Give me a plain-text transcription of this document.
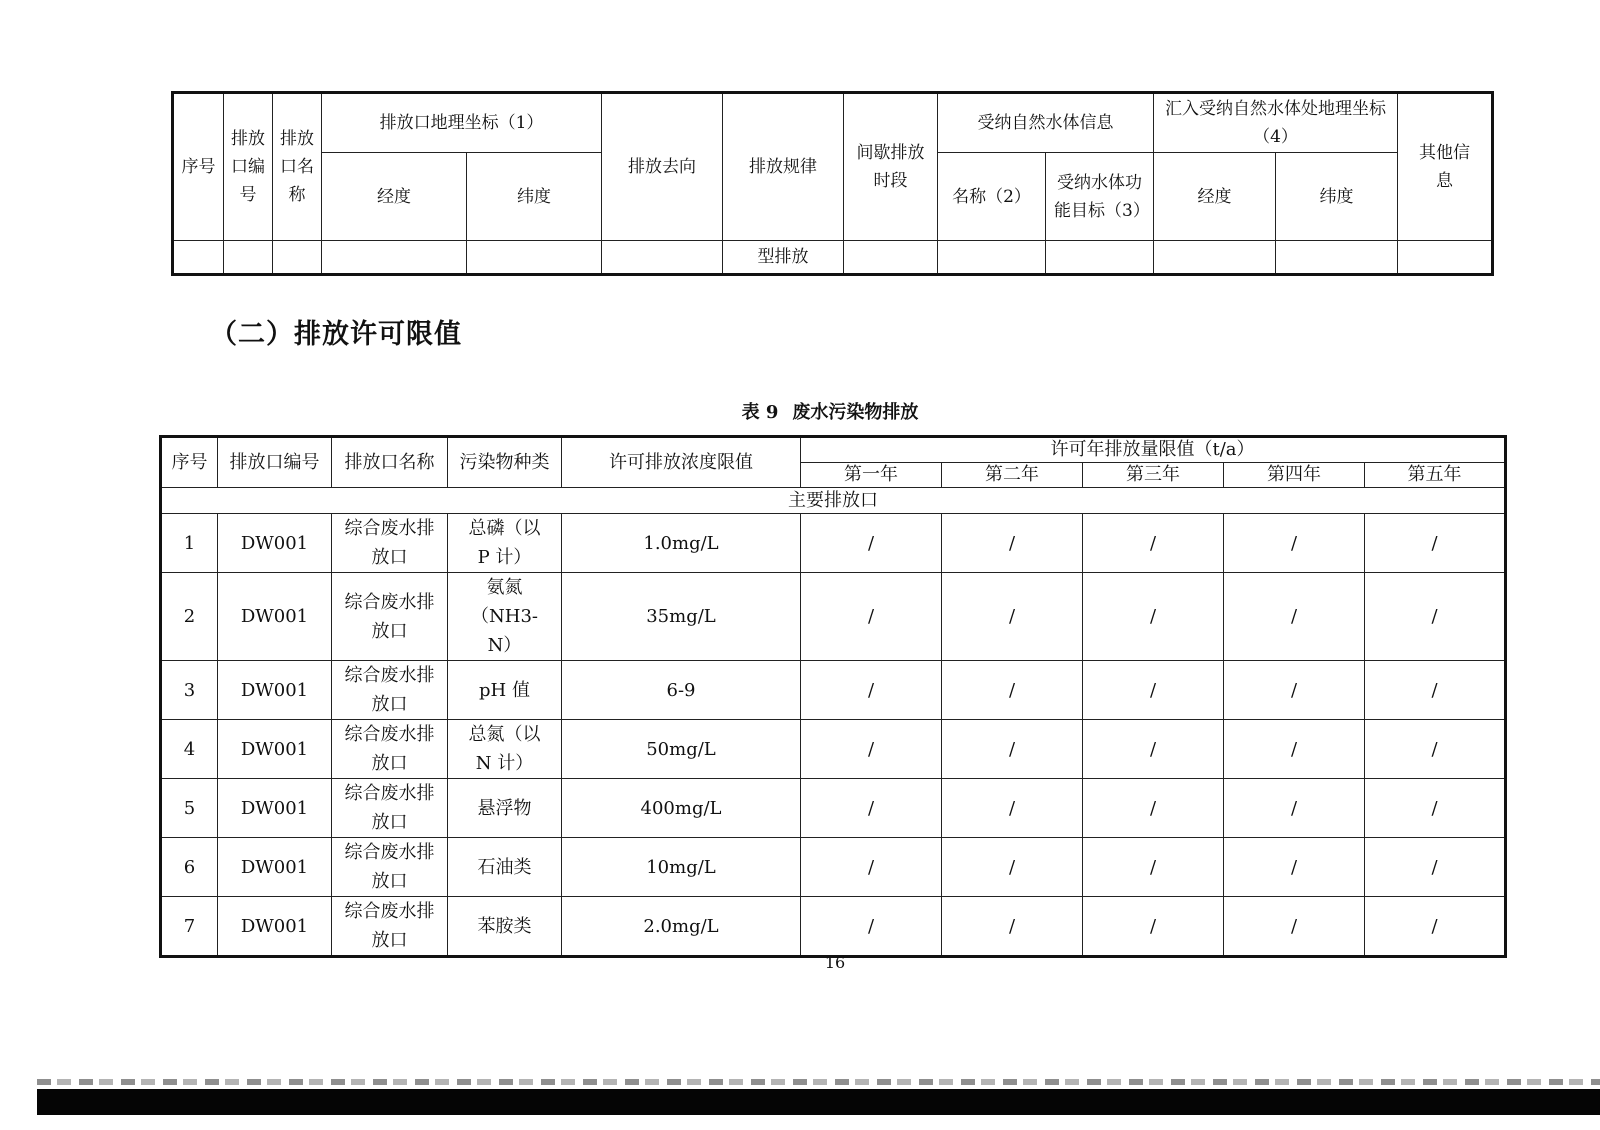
序号	排放口编号	排放口名称	排放口地理坐标（1）		排放去向	排放规律	间歇排放时段	受纳自然水体信息		汇入受纳自然水体处地理坐标（4）		其他信息
			经度	纬度				名称（2）	受纳水体功能目标（3）	经度	纬度	
						型排放						
（二）排放许可限值
表 9 废水污染物排放
序号	排放口编号	排放口名称	污染物种类	许可排放浓度限值	许可年排放量限值（t/a）				
					第一年	第二年	第三年	第四年	第五年
主要排放口									
1	DW001	综合废水排放口	总磷（以 P 计）	1.0mg/L	/	/	/	/	/
2	DW001	综合废水排放口	氨氮（NH3-N）	35mg/L	/	/	/	/	/
3	DW001	综合废水排放口	pH 值	6-9	/	/	/	/	/
4	DW001	综合废水排放口	总氮（以 N 计）	50mg/L	/	/	/	/	/
5	DW001	综合废水排放口	悬浮物	400mg/L	/	/	/	/	/
6	DW001	综合废水排放口	石油类	10mg/L	/	/	/	/	/
7	DW001	综合废水排放口	苯胺类	2.0mg/L	/	/	/	/	/
16
